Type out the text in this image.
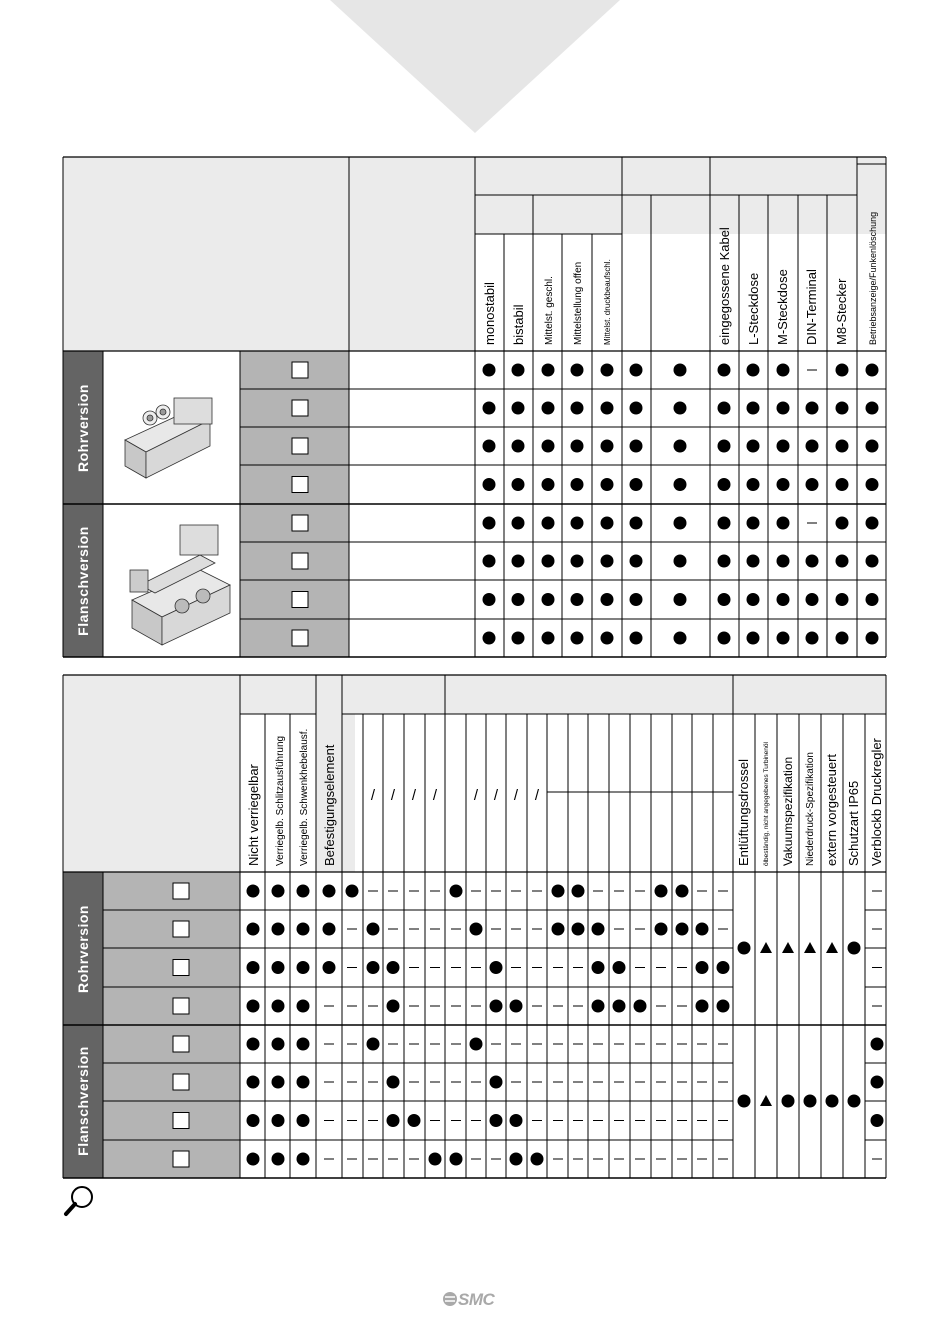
Rohrversion
Flanschversion
monostabil bistabil Mittelst. geschl. Mittelstellung offen Mittelst. druckbeaufschl.	eingegossene Kabel L-Steckdose M-Steckdose DIN-Terminal M8-Stecker Betriebsanzeige/Funkenlöschung
Rohrversion
Flanschversion
Nicht verriegelbar Verriegelb. Schlitzausführung Verriegelb. Schwenkhebelausf. Befestigungselement	Entlüftungsdrossel ölbeständig, nicht angegebenes Turbinenöl Vakuumspezifikation Niederdruck-Spezifikation extern vorgesteuert Schutzart IP65 Verblockb Druckregler
/ / / / / / / /
SMC
